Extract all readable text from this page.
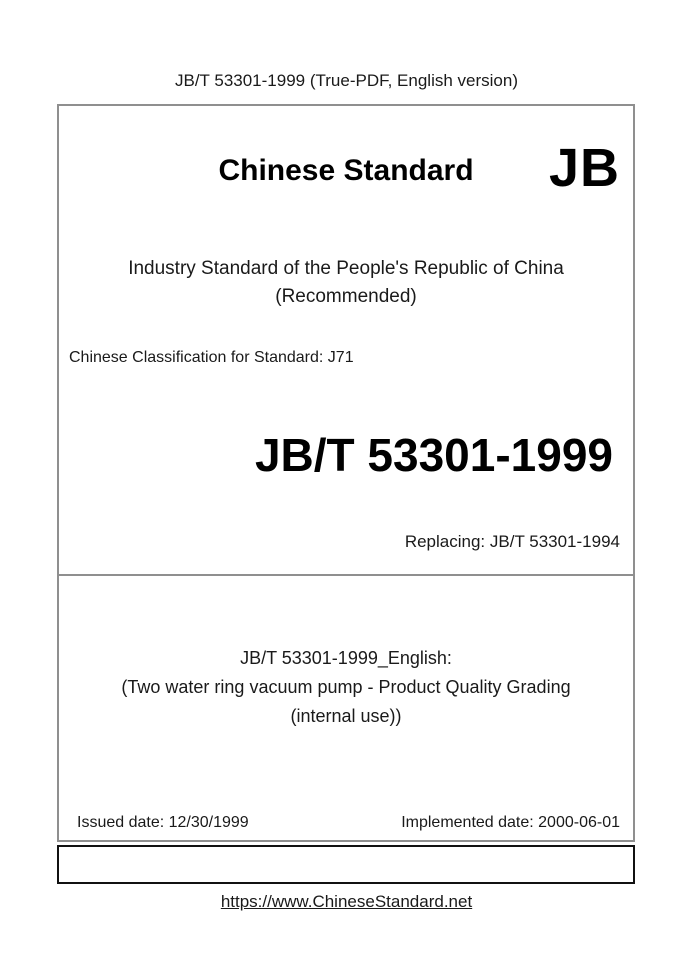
JB/T 53301-1999 (True-PDF, English version)
Chinese Standard	JB
Industry Standard of the People's Republic of China
(Recommended)
Chinese Classification for Standard: J71
JB/T 53301-1999
Replacing: JB/T 53301-1994
JB/T 53301-1999_English:
(Two water ring vacuum pump - Product Quality Grading
(internal use))
Issued date: 12/30/1999	Implemented date: 2000-06-01
https://www.ChineseStandard.net
